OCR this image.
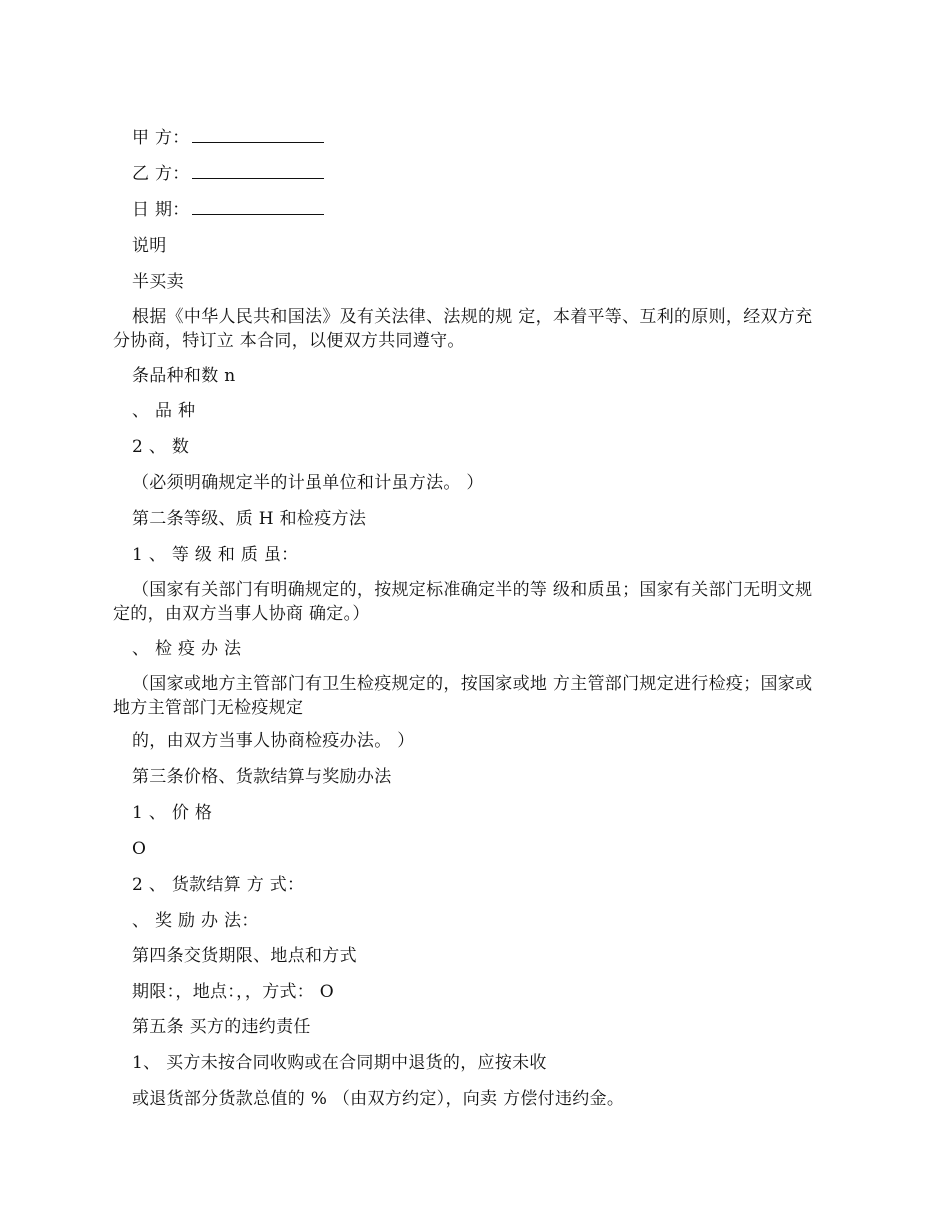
甲 方：
乙 方：
日 期：
说明
半买卖
根据《中华人民共和国法》及有关法律、法规的规 定，本着平等、互利的原则，经双方充分协商，特订立 本合同，以便双方共同遵守。
条品种和数 n
、 品 种
2 、 数
（必须明确规定半的计虽单位和计虽方法。 ）
第二条等级、质 H 和检疫方法
1 、 等 级 和 质 虽：
（国家有关部门有明确规定的，按规定标准确定半的等 级和质虽；国家有关部门无明文规定的，由双方当事人协商 确定。）
、 检 疫 办 法
（国家或地方主管部门有卫生检疫规定的，按国家或地 方主管部门规定进行检疫；国家或地方主管部门无检疫规定
的，由双方当事人协商检疫办法。 ）
第三条价格、货款结算与奖励办法
1 、 价 格
O
2 、 货款结算 方 式：
、 奖 励 办 法：
第四条交货期限、地点和方式
期限：，地点：，，方式： O
第五条 买方的违约责任
1、 买方未按合同收购或在合同期中退货的，应按未收
或退货部分货款总值的 % （由双方约定），向卖 方偿付违约金。
